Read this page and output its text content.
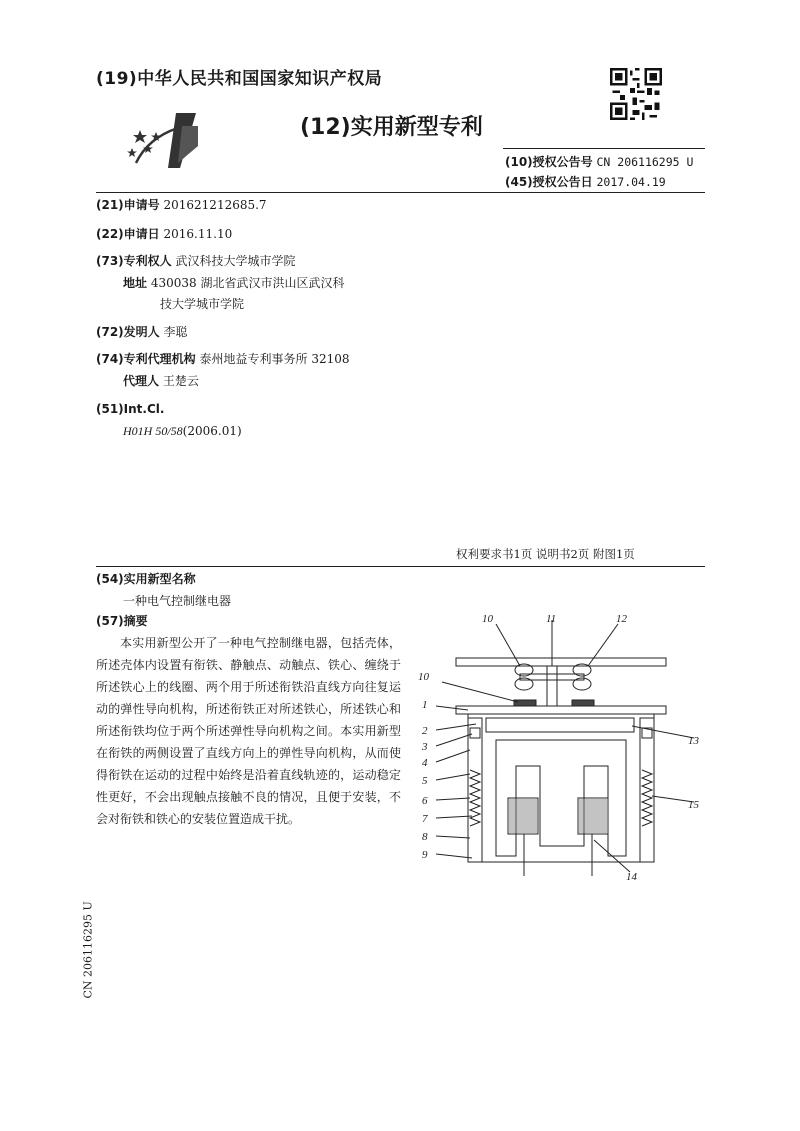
(19)中华人民共和国国家知识产权局
(12)实用新型专利
(10)授权公告号 CN 206116295 U
(45)授权公告日 2017.04.19
(21)申请号 201621212685.7
(22)申请日 2016.11.10
(73)专利权人 武汉科技大学城市学院
地址 430038 湖北省武汉市洪山区武汉科
技大学城市学院
(72)发明人 李聪
(74)专利代理机构 泰州地益专利事务所 32108
代理人 王楚云
(51)Int.Cl.
H01H 50/58(2006.01)
权利要求书1页 说明书2页 附图1页
(54)实用新型名称
一种电气控制继电器
(57)摘要
本实用新型公开了一种电气控制继电器，包括壳体，所述壳体内设置有衔铁、静触点、动触点、铁心、缠绕于所述铁心上的线圈、两个用于所述衔铁沿直线方向往复运动的弹性导向机构，所述衔铁正对所述铁心，所述铁心和所述衔铁均位于两个所述弹性导向机构之间。本实用新型在衔铁的两侧设置了直线方向上的弹性导向机构，从而使得衔铁在运动的过程中始终是沿着直线轨迹的，运动稳定性更好，不会出现触点接触不良的情况，且便于安装，不会对衔铁和铁心的安装位置造成干扰。
CN 206116295 U
10	11	12
10
1
2
3
4
5
6
7
8
9
13
15
14
